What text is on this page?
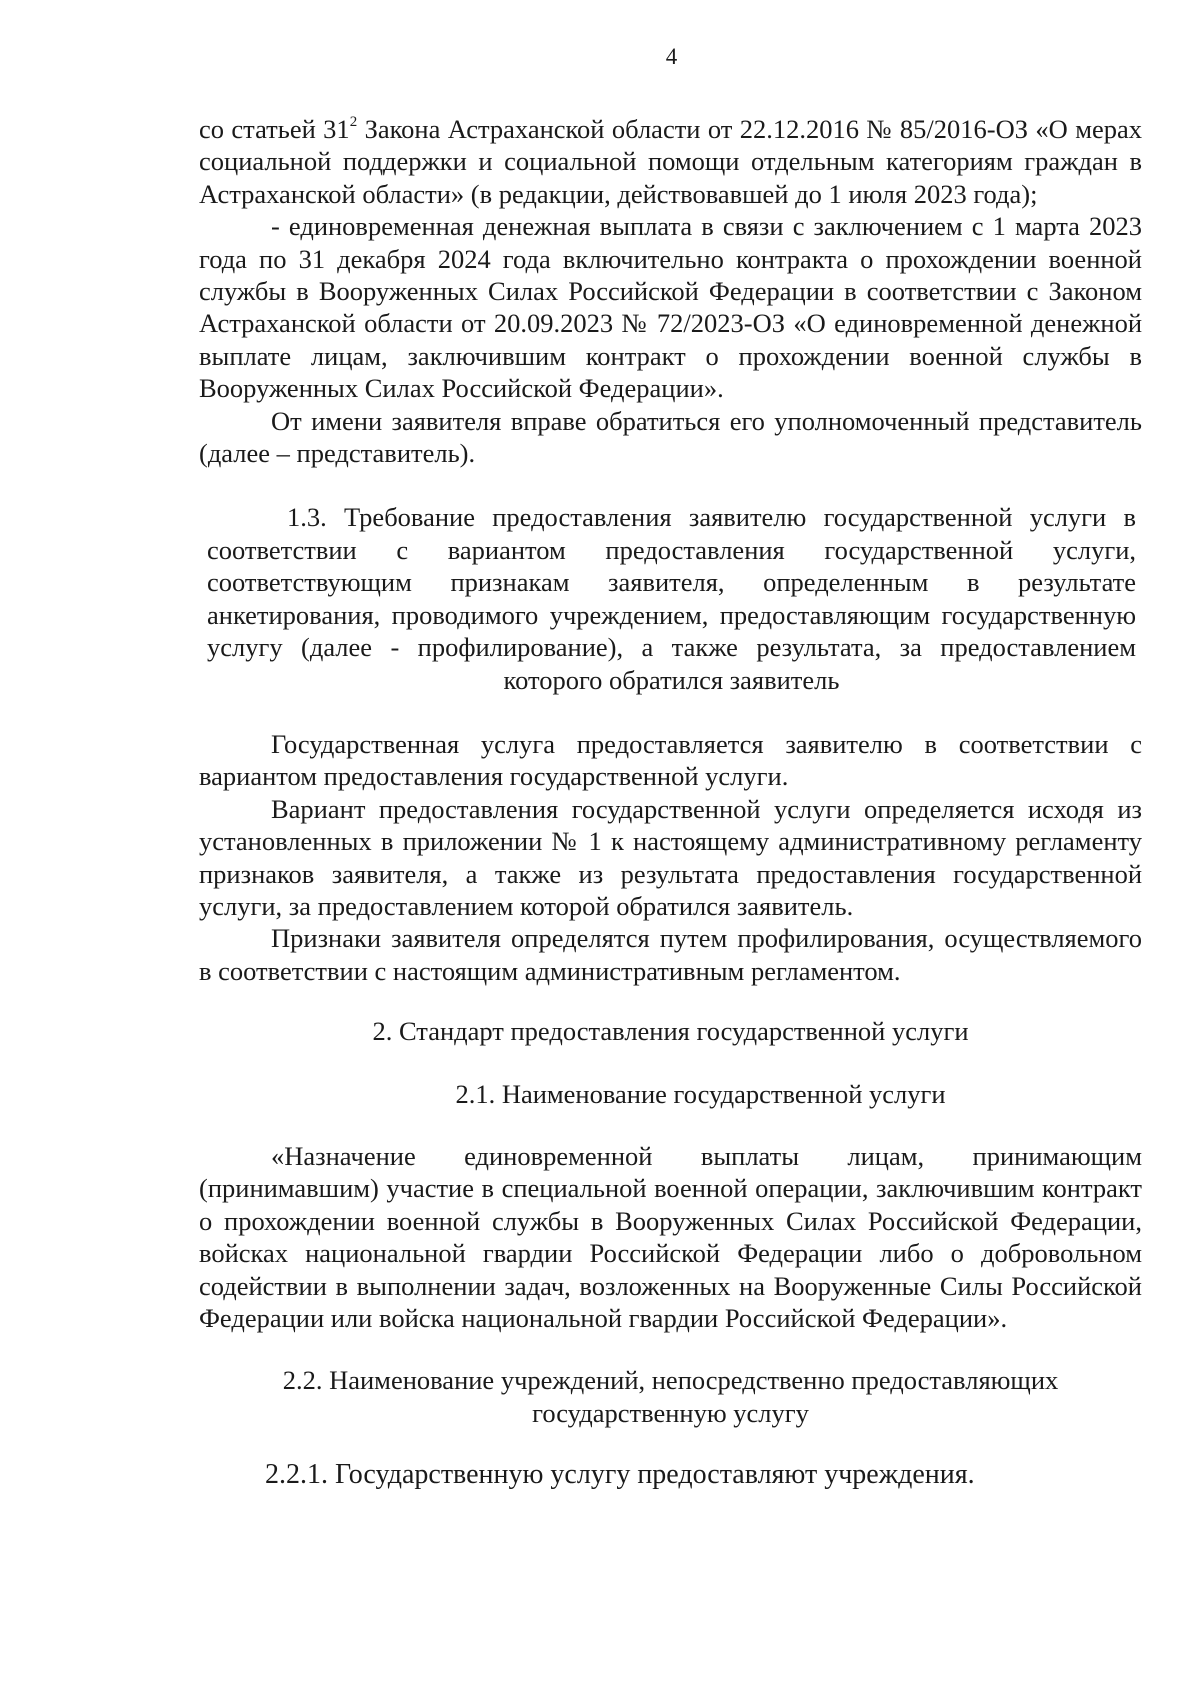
4

со статьей $31^2$ Закона Астраханской области от 22.12.2016 № 85/2016-ОЗ «О мерах социальной поддержки и социальной помощи отдельным категориям граждан в Астраханской области» (в редакции, действовавшей до 1 июля 2023 года);

- единовременная денежная выплата в связи с заключением с 1 марта 2023 года по 31 декабря 2024 года включительно контракта о прохождении военной службы в Вооруженных Силах Российской Федерации в соответствии с Законом Астраханской области от 20.09.2023 № 72/2023-ОЗ «О единовременной денежной выплате лицам, заключившим контракт о прохождении военной службы в Вооруженных Силах Российской Федерации».

От имени заявителя вправе обратиться его уполномоченный представитель (далее – представитель).

1.3. Требование предоставления заявителю государственной услуги в соответствии с вариантом предоставления государственной услуги, соответствующим признакам заявителя, определенным в результате анкетирования, проводимого учреждением, предоставляющим государственную услугу (далее - профилирование), а также результата, за предоставлением которого обратился заявитель

Государственная услуга предоставляется заявителю в соответствии с вариантом предоставления государственной услуги.

Вариант предоставления государственной услуги определяется исходя из установленных в приложении № 1 к настоящему административному регламенту признаков заявителя, а также из результата предоставления государственной услуги, за предоставлением которой обратился заявитель.

Признаки заявителя определятся путем профилирования, осуществляемого в соответствии с настоящим административным регламентом.

2. Стандарт предоставления государственной услуги

2.1. Наименование государственной услуги

«Назначение единовременной выплаты лицам, принимающим (принимавшим) участие в специальной военной операции, заключившим контракт о прохождении военной службы в Вооруженных Силах Российской Федерации, войсках национальной гвардии Российской Федерации либо о добровольном содействии в выполнении задач, возложенных на Вооруженные Силы Российской Федерации или войска национальной гвардии Российской Федерации».

2.2. Наименование учреждений, непосредственно предоставляющих государственную услугу

2.2.1. Государственную услугу предоставляют учреждения.
